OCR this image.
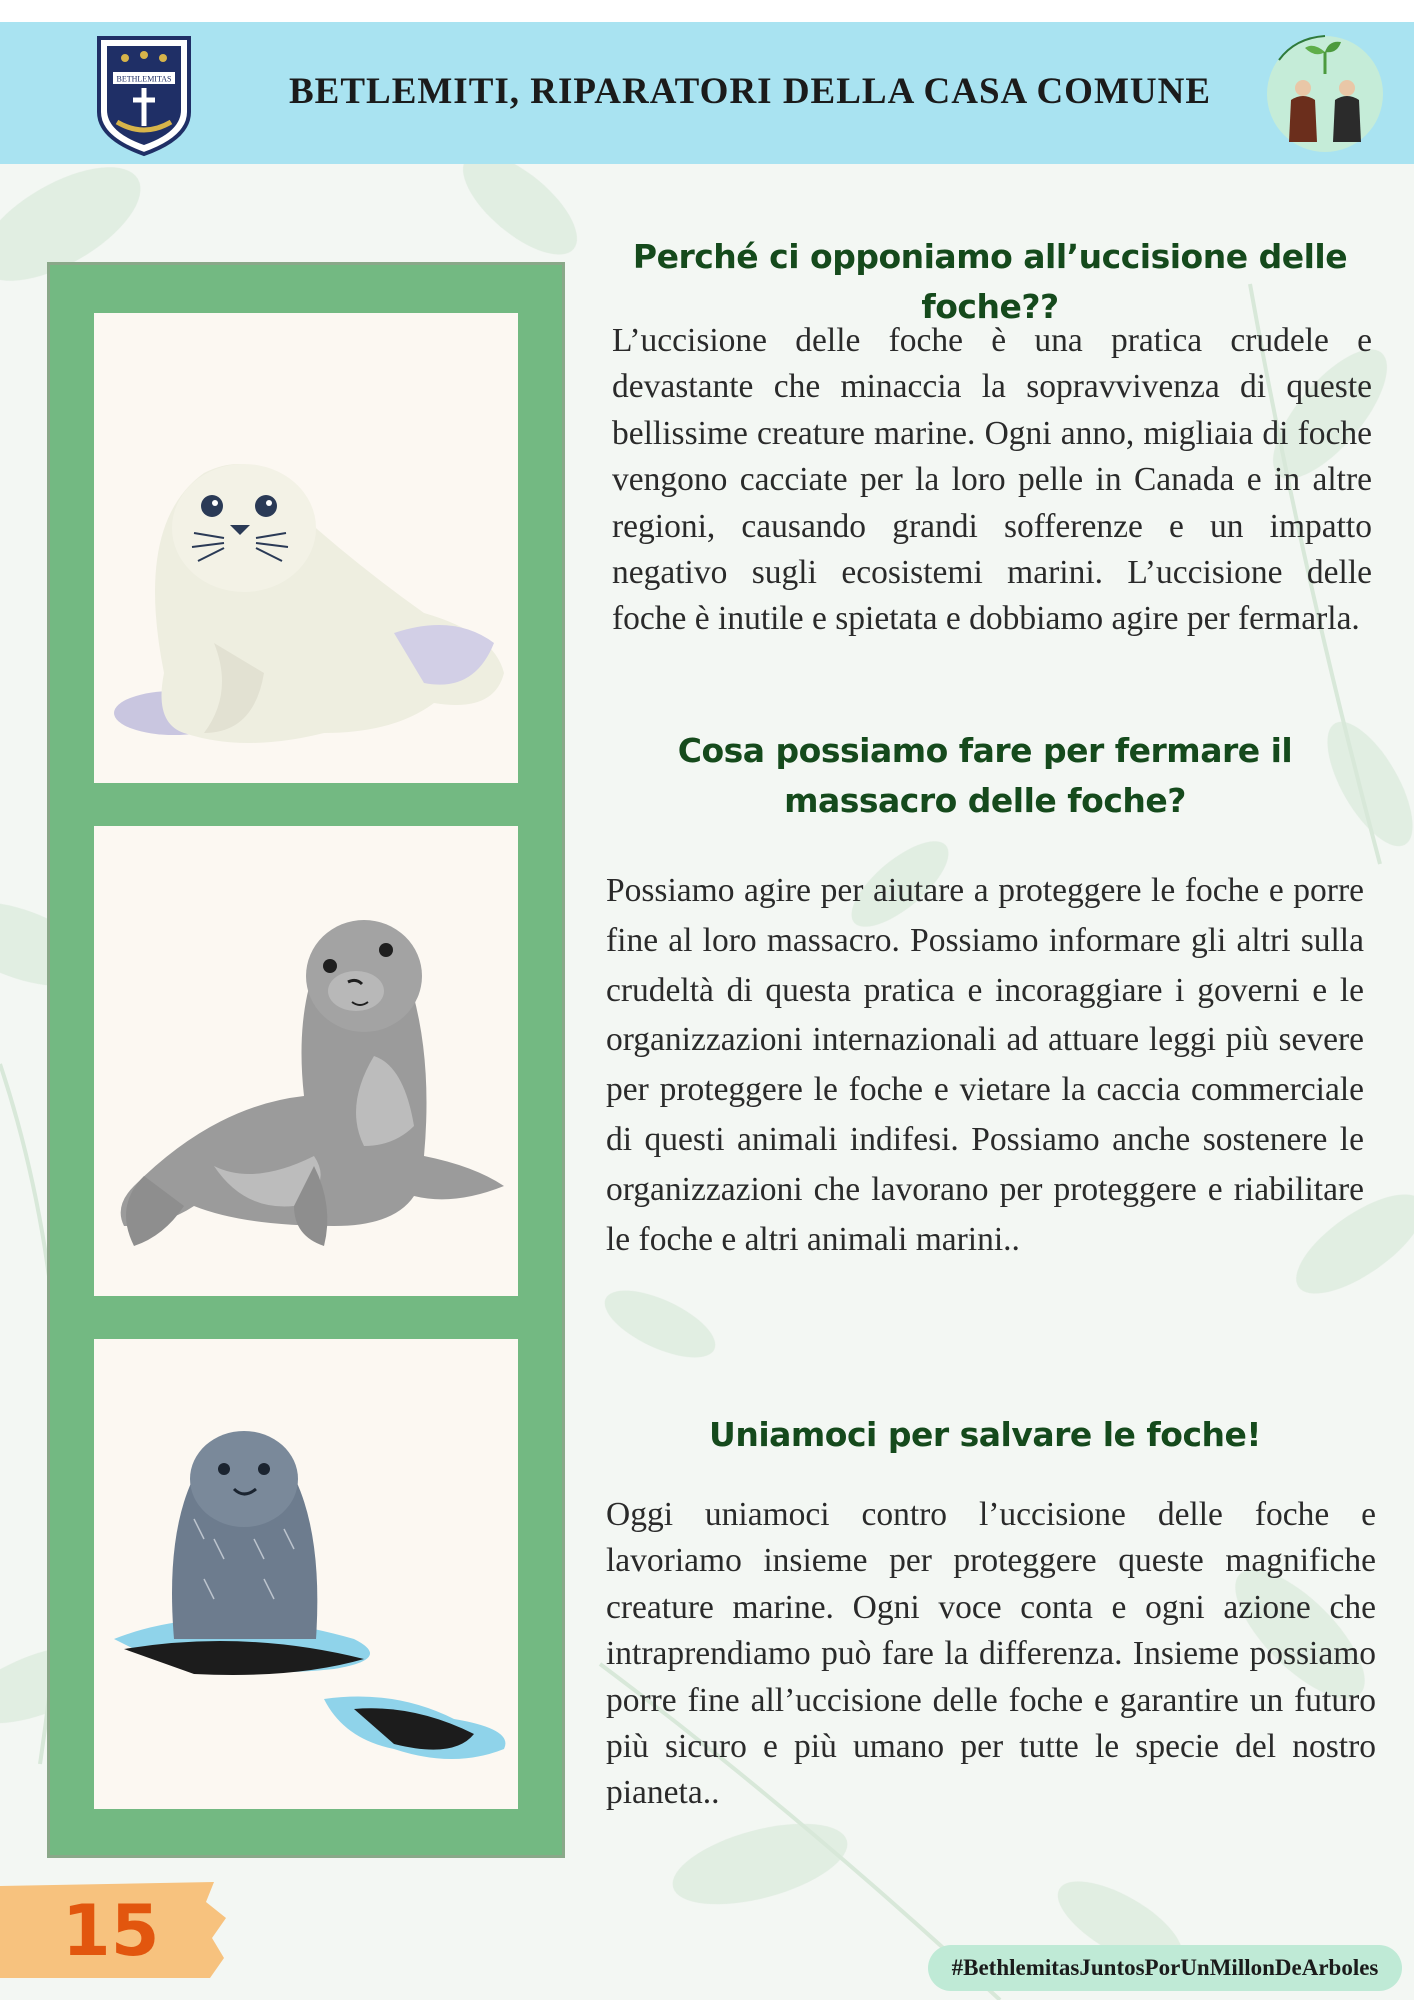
BETHLEMITAS	BETLEMITI, RIPARATORI DELLA CASA COMUNE
Perché ci opponiamo all’uccisione delle foche??
L’uccisione delle foche è una pratica crudele e devastante che minaccia la sopravvivenza di queste bellissime creature marine. Ogni anno, migliaia di foche vengono cacciate per la loro pelle in Canada e in altre regioni, causando grandi sofferenze e un impatto negativo sugli ecosistemi marini. L’uccisione delle foche è inutile e spietata e dobbiamo agire per fermarla.
Cosa possiamo fare per fermare il
massacro delle foche?
Possiamo agire per aiutare a proteggere le foche e porre fine al loro massacro. Possiamo informare gli altri sulla crudeltà di questa pratica e incoraggiare i governi e le organizzazioni internazionali ad attuare leggi più severe per proteggere le foche e vietare la caccia commerciale di questi animali indifesi. Possiamo anche sostenere le organizzazioni che lavorano per proteggere e riabilitare le foche e altri animali marini..
Uniamoci per salvare le foche!
Oggi uniamoci contro l’uccisione delle foche e lavoriamo insieme per proteggere queste magnifiche creature marine. Ogni voce conta e ogni azione che intraprendiamo può fare la differenza. Insieme possiamo porre fine all’uccisione delle foche e garantire un futuro più sicuro e più umano per tutte le specie del nostro pianeta..
15	#BethlemitasJuntosPorUnMillonDeArboles
